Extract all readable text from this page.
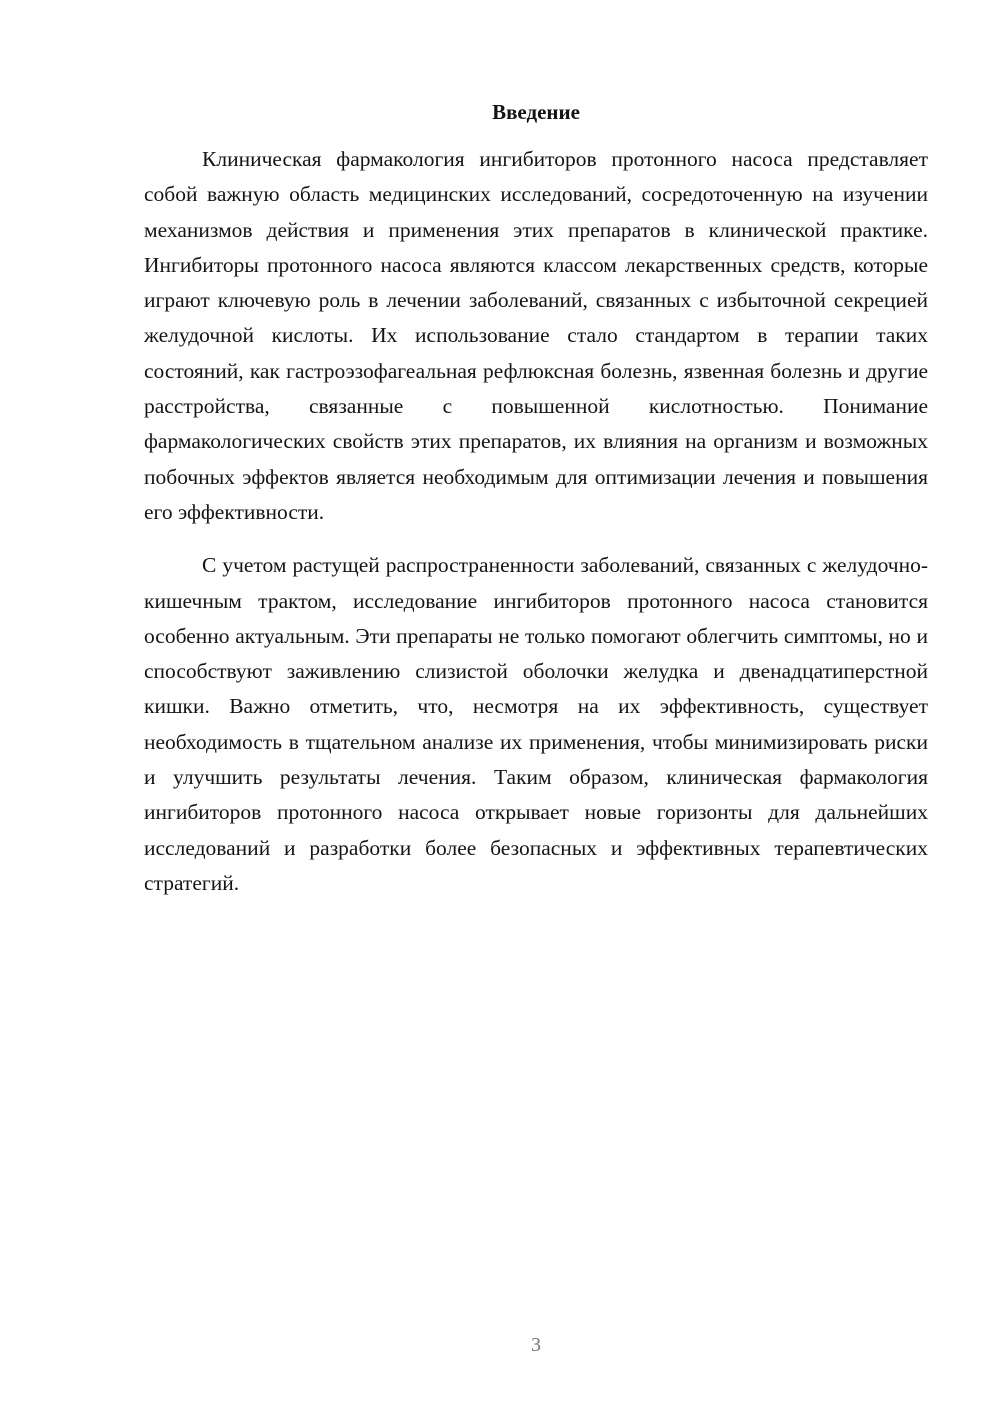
Введение

Клиническая фармакология ингибиторов протонного насоса представляет собой важную область медицинских исследований, сосредоточенную на изучении механизмов действия и применения этих препаратов в клинической практике. Ингибиторы протонного насоса являются классом лекарственных средств, которые играют ключевую роль в лечении заболеваний, связанных с избыточной секрецией желудочной кислоты. Их использование стало стандартом в терапии таких состояний, как гастроэзофагеальная рефлюксная болезнь, язвенная болезнь и другие расстройства, связанные с повышенной кислотностью. Понимание фармакологических свойств этих препаратов, их влияния на организм и возможных побочных эффектов является необходимым для оптимизации лечения и повышения его эффективности.

С учетом растущей распространенности заболеваний, связанных с желудочно-кишечным трактом, исследование ингибиторов протонного насоса становится особенно актуальным. Эти препараты не только помогают облегчить симптомы, но и способствуют заживлению слизистой оболочки желудка и двенадцатиперстной кишки. Важно отметить, что, несмотря на их эффективность, существует необходимость в тщательном анализе их применения, чтобы минимизировать риски и улучшить результаты лечения. Таким образом, клиническая фармакология ингибиторов протонного насоса открывает новые горизонты для дальнейших исследований и разработки более безопасных и эффективных терапевтических стратегий.

3
